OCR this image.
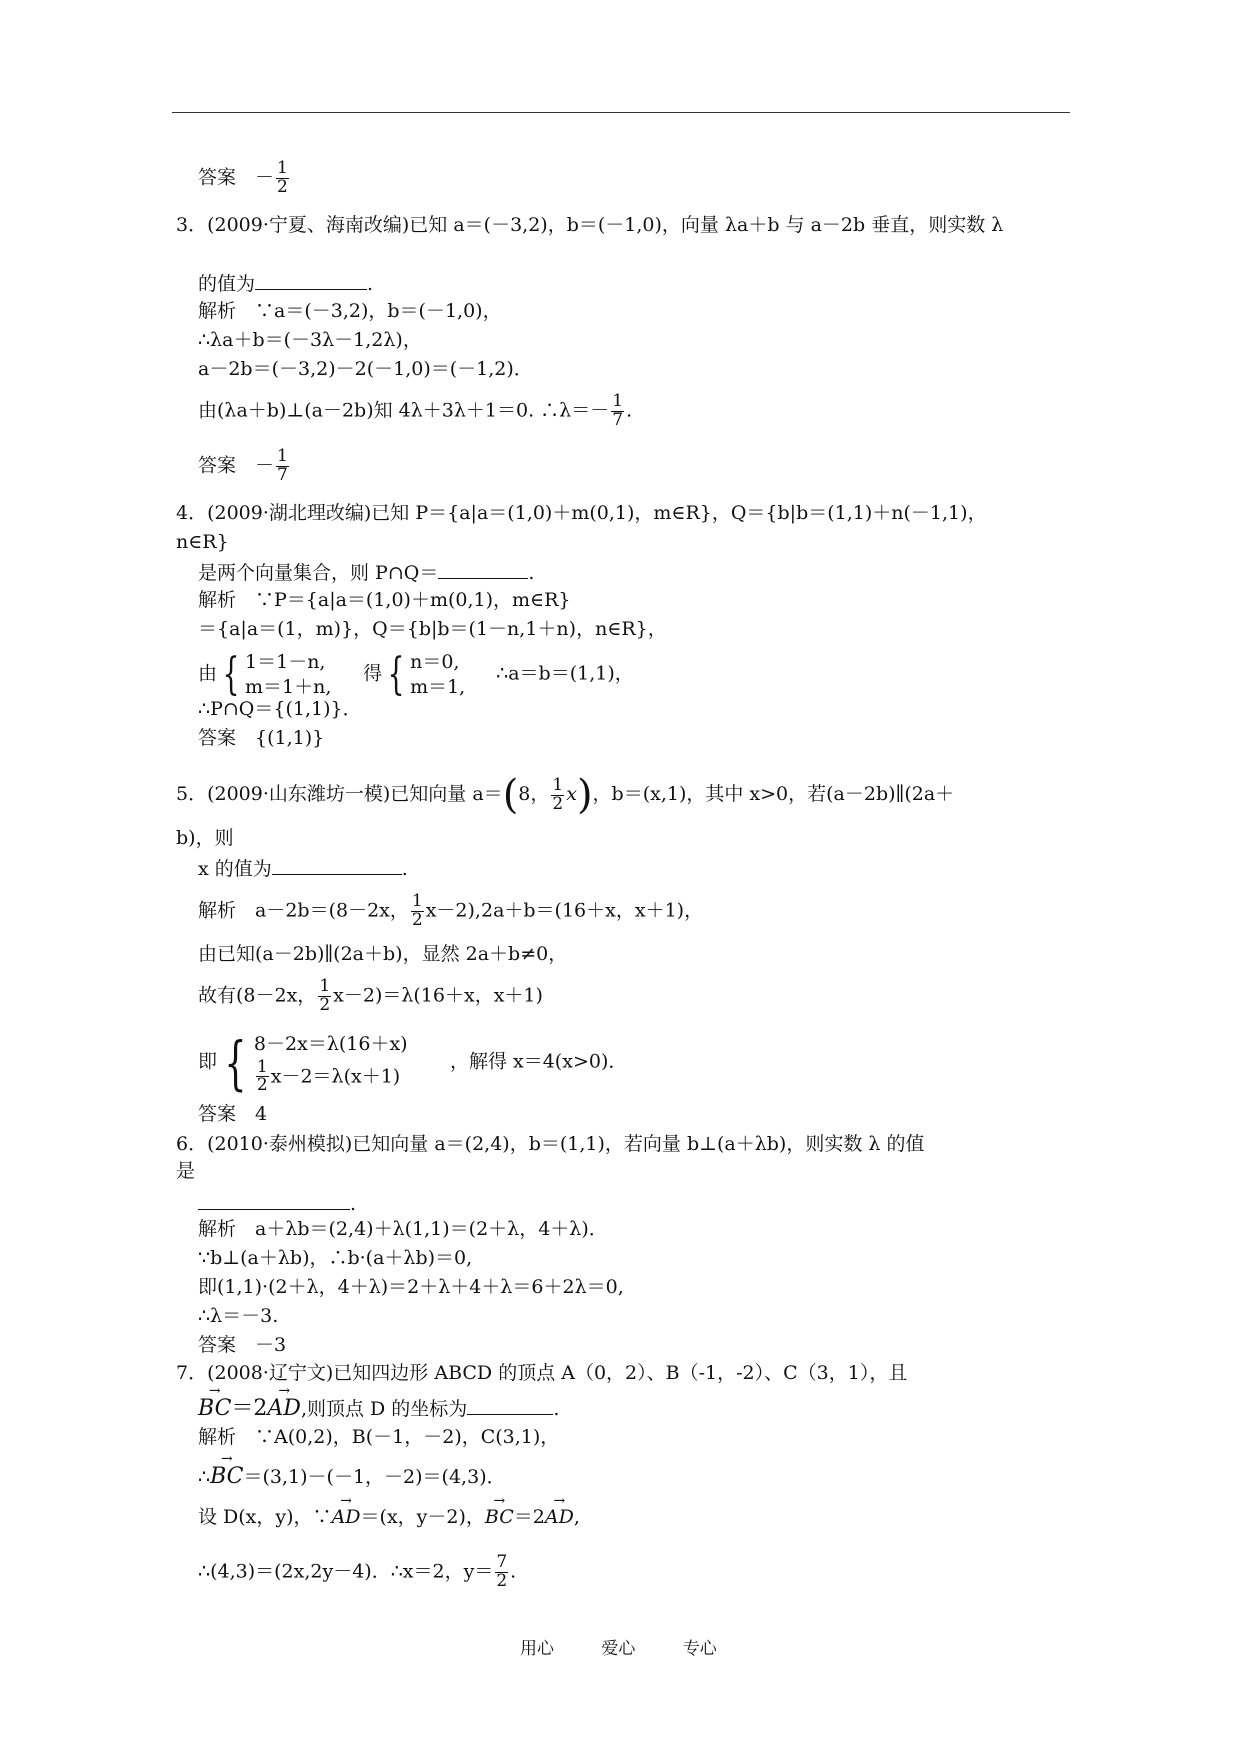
答案　－ $\frac{1}{2}$
3．(2009·宁夏、海南改编)已知 a＝(－3,2)，b＝(－1,0)，向量 λa＋b 与 a－2b 垂直，则实数 λ
的值为	.
解析　∵a＝(－3,2)，b＝(－1,0)，
∴λa＋b＝(－3λ－1,2λ)，
a－2b＝(－3,2)－2(－1,0)＝(－1,2)．
由(λa＋b)⊥(a－2b)知 4λ＋3λ＋1＝0. ∴λ＝－ $\frac{1}{7}$ .
答案　－ $\frac{1}{7}$
4．(2009·湖北理改编)已知 P＝{a|a＝(1,0)＋m(0,1)，m∈R}，Q＝{b|b＝(1,1)＋n(－1,1)，
n∈R}
是两个向量集合，则 P∩Q＝	.
解析　∵P＝{a|a＝(1,0)＋m(0,1)，m∈R}
＝{a|a＝(1，m)}，Q＝{b|b＝(1－n,1＋n)，n∈R}，
由 { 1＝1－n,
m＝1＋n,
得 { n＝0,
m＝1,
∴a＝b＝(1,1)，
∴P∩Q＝{(1,1)}．
答案　{(1,1)}
5．(2009·山东潍坊一模)已知向量 a＝(8， $\frac{1}{2} x$)，b＝(x,1)，其中 x>0，若(a－2b)∥(2a＋
b)，则
x 的值为	.
解析　a－2b＝(8－2x， $\frac{1}{2} x-2),2a+b=(16+x$，x＋1)，
由已知(a－2b)∥(2a＋b)，显然 2a＋b≠0，
故有(8－2x， $\frac{1}{2} x-2)=\lambda(16+x$，x＋1)
即 { 8－2x＝λ(16＋x)
$\frac{1}{2} x-2=\lambda(x+1)$
，解得 x＝4(x>0)．
答案　4
6．(2010·泰州模拟)已知向量 a＝(2,4)，b＝(1,1)，若向量 b⊥(a＋λb)，则实数 λ 的值
是
.
解析　a＋λb＝(2,4)＋λ(1,1)＝(2＋λ，4＋λ)．
∵b⊥(a＋λb)，∴b·(a＋λb)＝0,
即(1,1)·(2＋λ，4＋λ)＝2＋λ＋4＋λ＝6＋2λ＝0,
∴λ＝－3.
答案　－3
7．(2008·辽宁文)已知四边形 ABCD 的顶点 A（0，2）、B（-1，-2）、C（3，1），且
→ BC＝2→ AD,则顶点 D 的坐标为	.
解析　∵A(0,2)，B(－1，－2)，C(3,1)，
∴→ BC＝(3,1)－(－1，－2)＝(4,3)．
设 D(x，y)，∵→ AD＝(x，y－2)，→ BC＝2→ AD,
∴(4,3)＝(2x,2y－4)．∴x＝2，$y= \frac{7}{2}$ .
用心	爱心	专心
